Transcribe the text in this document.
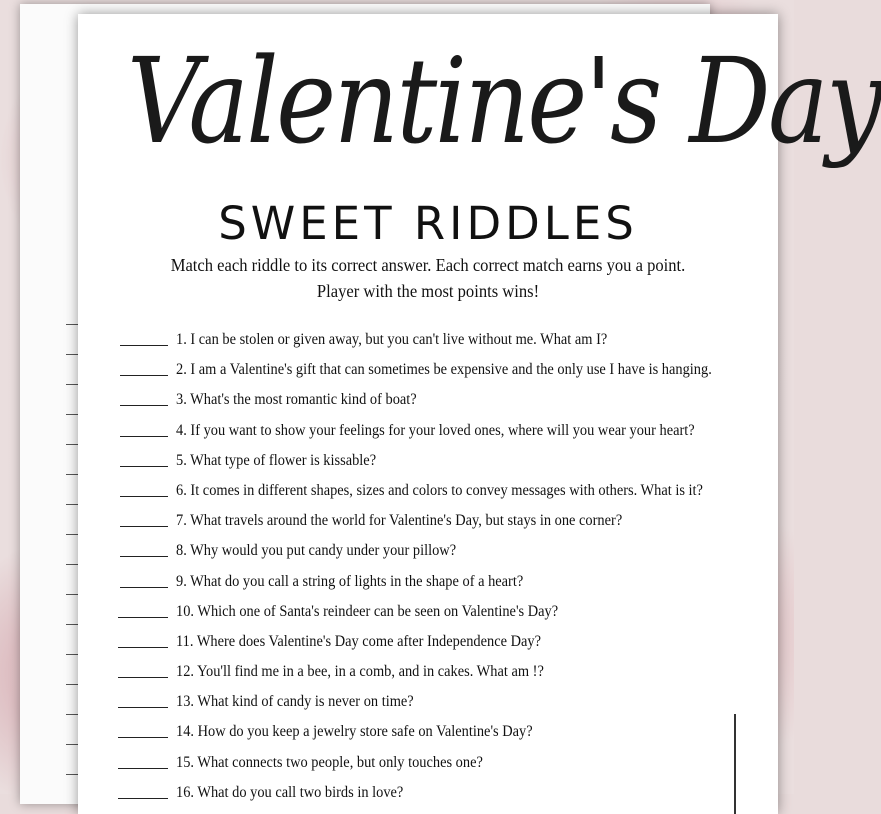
Valentine's Day
SWEET RIDDLES
Match each riddle to its correct answer. Each correct match earns you a point.
Player with the most points wins!
1. I can be stolen or given away, but you can't live without me. What am I?
2. I am a Valentine's gift that can sometimes be expensive and the only use I have is hanging.
3. What's the most romantic kind of boat?
4. If you want to show your feelings for your loved ones, where will you wear your heart?
5. What type of flower is kissable?
6. It comes in different shapes, sizes and colors to convey messages with others. What is it?
7. What travels around the world for Valentine's Day, but stays in one corner?
8. Why would you put candy under your pillow?
9. What do you call a string of lights in the shape of a heart?
10. Which one of Santa's reindeer can be seen on Valentine's Day?
11. Where does Valentine's Day come after Independence Day?
12. You'll find me in a bee, in a comb, and in cakes. What am !?
13. What kind of candy is never on time?
14. How do you keep a jewelry store safe on Valentine's Day?
15. What connects two people, but only touches one?
16. What do you call two birds in love?
